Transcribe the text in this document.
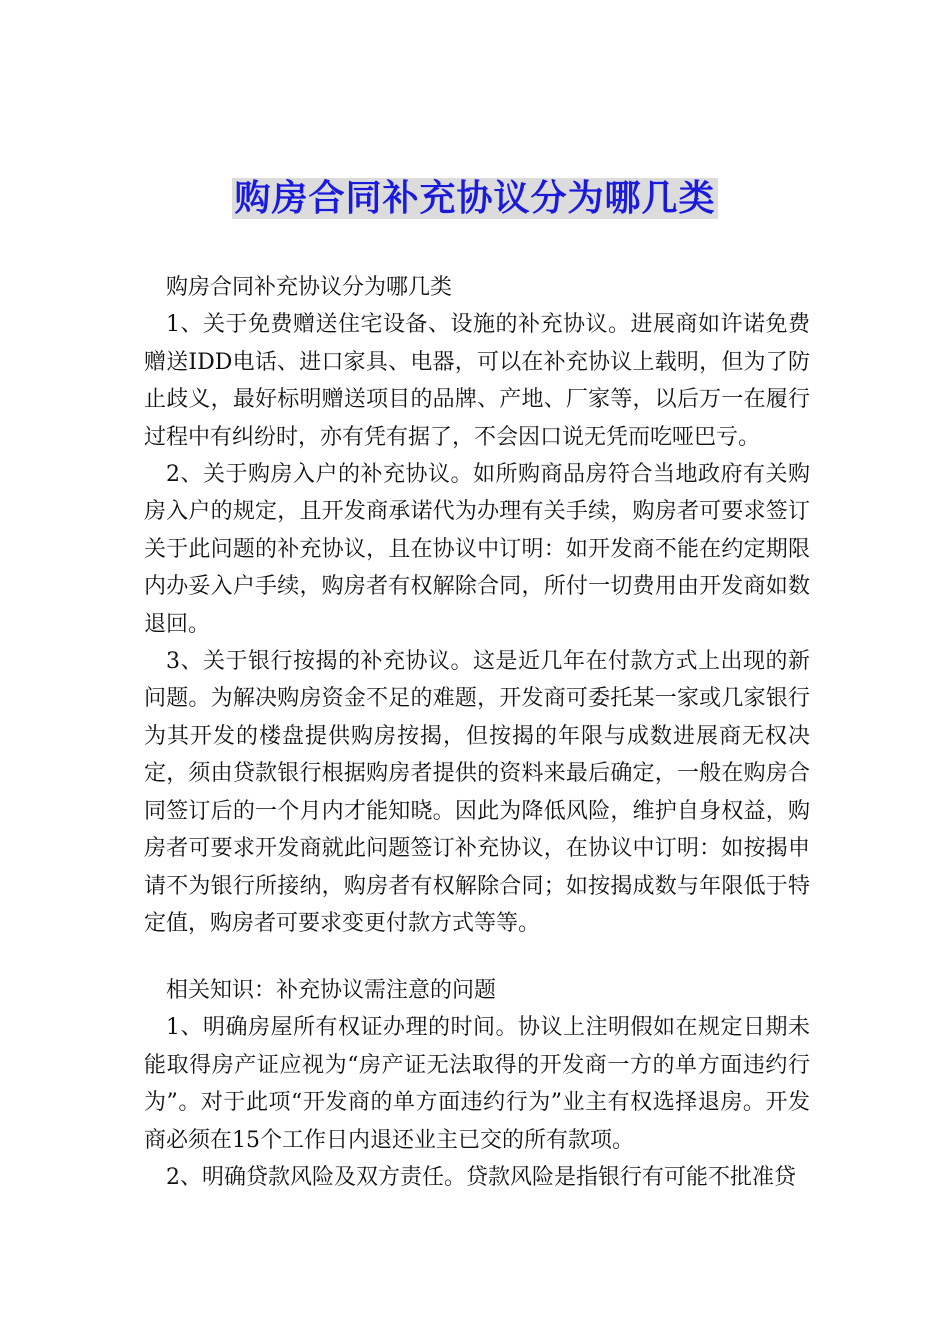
购房合同补充协议分为哪几类

购房合同补充协议分为哪几类

1、关于免费赠送住宅设备、设施的补充协议。进展商如许诺免费赠送IDD电话、进口家具、电器，可以在补充协议上载明，但为了防止歧义，最好标明赠送项目的品牌、产地、厂家等，以后万一在履行过程中有纠纷时，亦有凭有据了，不会因口说无凭而吃哑巴亏。

2、关于购房入户的补充协议。如所购商品房符合当地政府有关购房入户的规定，且开发商承诺代为办理有关手续，购房者可要求签订关于此问题的补充协议，且在协议中订明：如开发商不能在约定期限内办妥入户手续，购房者有权解除合同，所付一切费用由开发商如数退回。

3、关于银行按揭的补充协议。这是近几年在付款方式上出现的新问题。为解决购房资金不足的难题，开发商可委托某一家或几家银行为其开发的楼盘提供购房按揭，但按揭的年限与成数进展商无权决定，须由贷款银行根据购房者提供的资料来最后确定，一般在购房合同签订后的一个月内才能知晓。因此为降低风险，维护自身权益，购房者可要求开发商就此问题签订补充协议，在协议中订明：如按揭申请不为银行所接纳，购房者有权解除合同；如按揭成数与年限低于特定值，购房者可要求变更付款方式等等。

相关知识：补充协议需注意的问题

1、明确房屋所有权证办理的时间。协议上注明假如在规定日期未能取得房产证应视为“房产证无法取得的开发商一方的单方面违约行为”。对于此项“开发商的单方面违约行为”业主有权选择退房。开发商必须在15个工作日内退还业主已交的所有款项。

2、明确贷款风险及双方责任。贷款风险是指银行有可能不批准贷
